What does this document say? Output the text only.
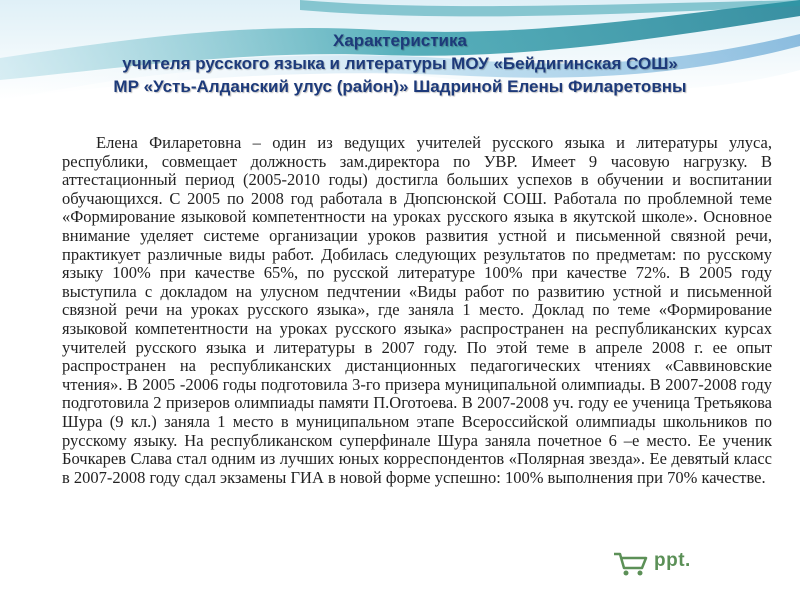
Характеристика
учителя русского языка и литературы МОУ «Бейдигинская СОШ»
МР «Усть-Алданский улус (район)» Шадриной Елены Филаретовны
Елена Филаретовна – один из ведущих учителей русского языка и литературы улуса, республики, совмещает должность зам.директора по УВР. Имеет 9 часовую нагрузку. В аттестационный период (2005-2010 годы) достигла больших успехов в обучении и воспитании обучающихся. С 2005 по 2008 год работала в Дюпсюнской СОШ. Работала по проблемной теме «Формирование языковой компетентности на уроках русского языка в якутской школе». Основное внимание уделяет системе организации уроков развития устной и письменной связной речи, практикует различные виды работ. Добилась следующих результатов по предметам: по русскому языку 100% при качестве 65%, по русской литературе 100% при качестве 72%. В 2005 году выступила с докладом на улусном педчтении «Виды работ по развитию устной и письменной связной речи на уроках русского языка», где заняла 1 место. Доклад по теме «Формирование языковой компетентности на уроках русского языка» распространен на республиканских курсах учителей русского языка и литературы в 2007 году. По этой теме в апреле 2008 г. ее опыт распространен на республиканских дистанционных педагогических чтениях «Саввиновские чтения». В 2005 -2006 годы подготовила 3-го призера муниципальной олимпиады. В 2007-2008 году подготовила 2 призеров олимпиады памяти П.Оготоева. В 2007-2008 уч. году ее ученица Третьякова Шура (9 кл.) заняла 1 место в муниципальном этапе Всероссийской олимпиады школьников по русскому языку. На республиканском суперфинале Шура заняла почетное 6 –е место. Ее ученик Бочкарев Слава стал одним из лучших юных корреспондентов «Полярная звезда». Ее девятый класс в 2007-2008 году сдал экзамены ГИА в новой форме успешно: 100% выполнения при 70% качестве.
ppt.
